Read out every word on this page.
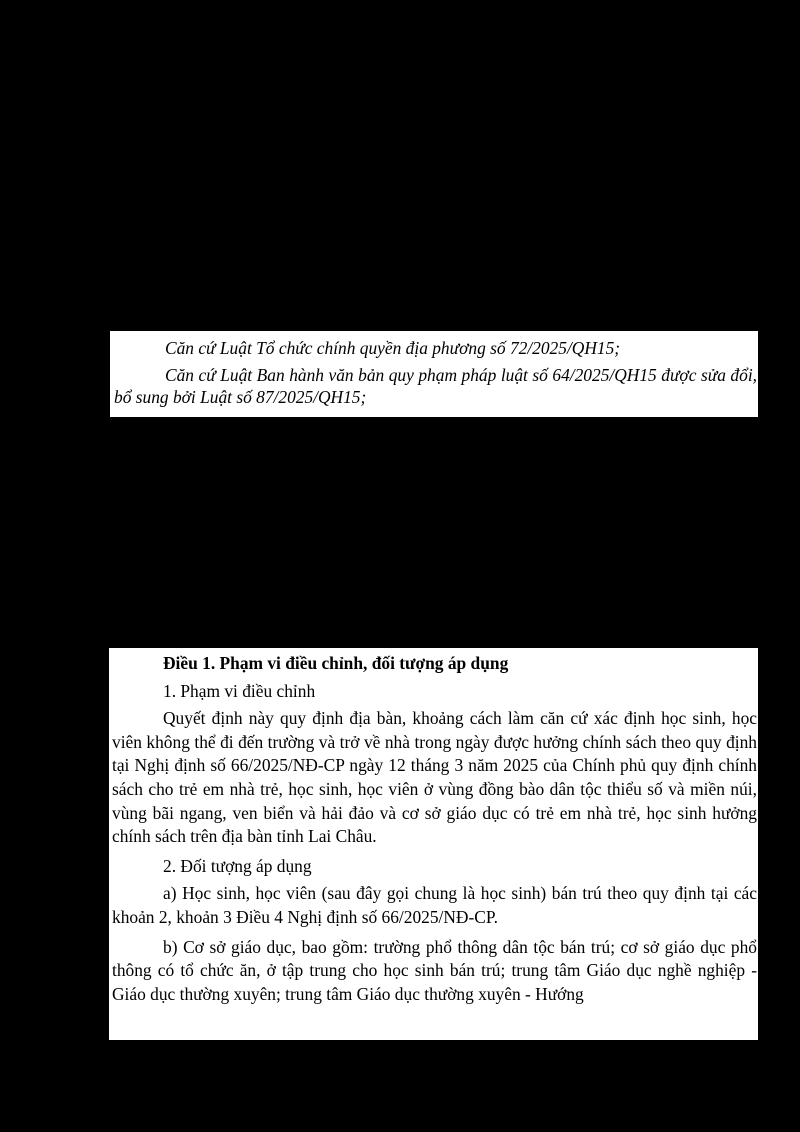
Căn cứ Luật Tổ chức chính quyền địa phương số 72/2025/QH15;

Căn cứ Luật Ban hành văn bản quy phạm pháp luật số 64/2025/QH15 được sửa đổi, bổ sung bởi Luật số 87/2025/QH15;

Điều 1. Phạm vi điều chỉnh, đối tượng áp dụng

1. Phạm vi điều chỉnh

Quyết định này quy định địa bàn, khoảng cách làm căn cứ xác định học sinh, học viên không thể đi đến trường và trở về nhà trong ngày được hưởng chính sách theo quy định tại Nghị định số 66/2025/NĐ-CP ngày 12 tháng 3 năm 2025 của Chính phủ quy định chính sách cho trẻ em nhà trẻ, học sinh, học viên ở vùng đồng bào dân tộc thiểu số và miền núi, vùng bãi ngang, ven biển và hải đảo và cơ sở giáo dục có trẻ em nhà trẻ, học sinh hưởng chính sách trên địa bàn tỉnh Lai Châu.

2. Đối tượng áp dụng

a) Học sinh, học viên (sau đây gọi chung là học sinh) bán trú theo quy định tại các khoản 2, khoản 3 Điều 4 Nghị định số 66/2025/NĐ-CP.

b) Cơ sở giáo dục, bao gồm: trường phổ thông dân tộc bán trú; cơ sở giáo dục phổ thông có tổ chức ăn, ở tập trung cho học sinh bán trú; trung tâm Giáo dục nghề nghiệp - Giáo dục thường xuyên; trung tâm Giáo dục thường xuyên - Hướng
